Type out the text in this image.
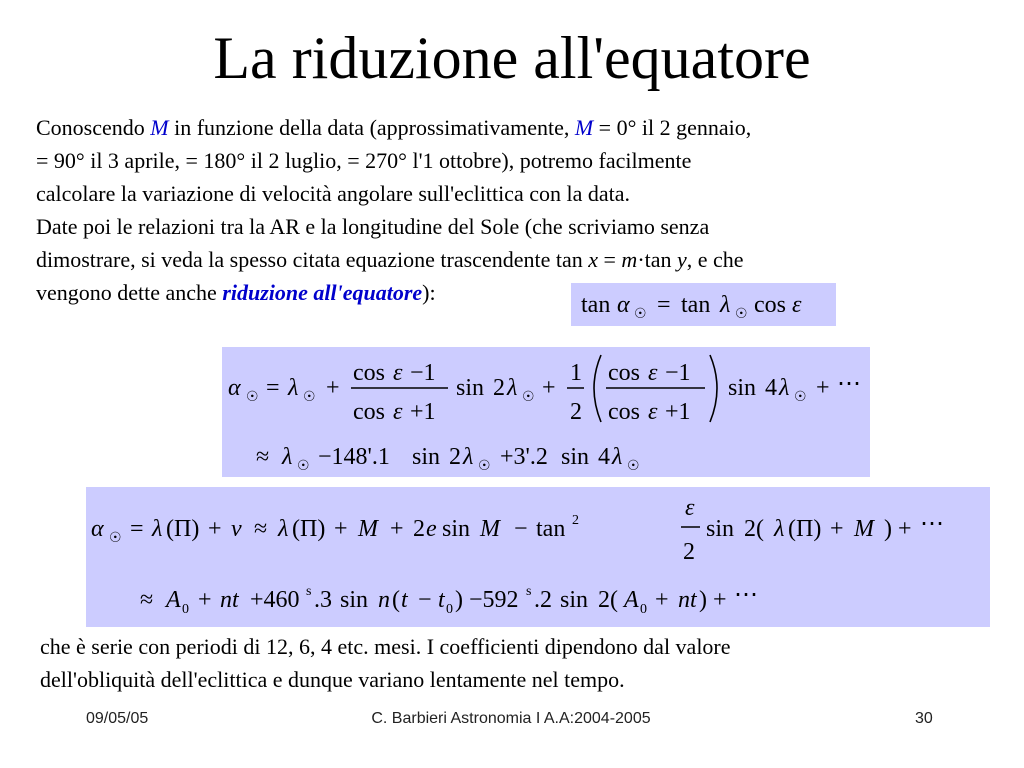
La riduzione all'equatore
Conoscendo M in funzione della data (approssimativamente, M = 0° il 2 gennaio,
= 90° il 3 aprile, = 180° il 2 luglio, = 270° l'1 ottobre), potremo facilmente
calcolare la variazione di velocità angolare sull'eclittica con la data.
Date poi le relazioni tra la AR e la longitudine del Sole (che scriviamo senza
dimostrare, si veda la spesso citata equazione trascendente tan x = m·tan y, e che
vengono dette anche riduzione all'equatore):	tan α ☉ = tan λ ☉ cos ε
α ☉ = λ ☉ +
cos ε −1
cos ε +1
sin 2 λ ☉ +
1
2
cos ε −1
cos ε +1
sin 4 λ ☉ + ⋯
≈ λ ☉ −148'.1 sin 2 λ ☉ +3'.2 sin 4 λ ☉
α ☉ = λ (Π) + ν ≈ λ (Π) + M + 2 e sin M − tan 2	ε
2
sin 2( λ (Π) + M ) + ⋯
≈ A 0 + nt +460 s .3 sin n ( t − t 0 ) −592 s .2 sin 2( A 0 + nt ) + ⋯
che è serie con periodi di 12, 6, 4 etc. mesi. I coefficienti dipendono dal valore
dell'obliquità dell'eclittica e dunque variano lentamente nel tempo.
09/05/05	C. Barbieri Astronomia I A.A:2004-2005	30
